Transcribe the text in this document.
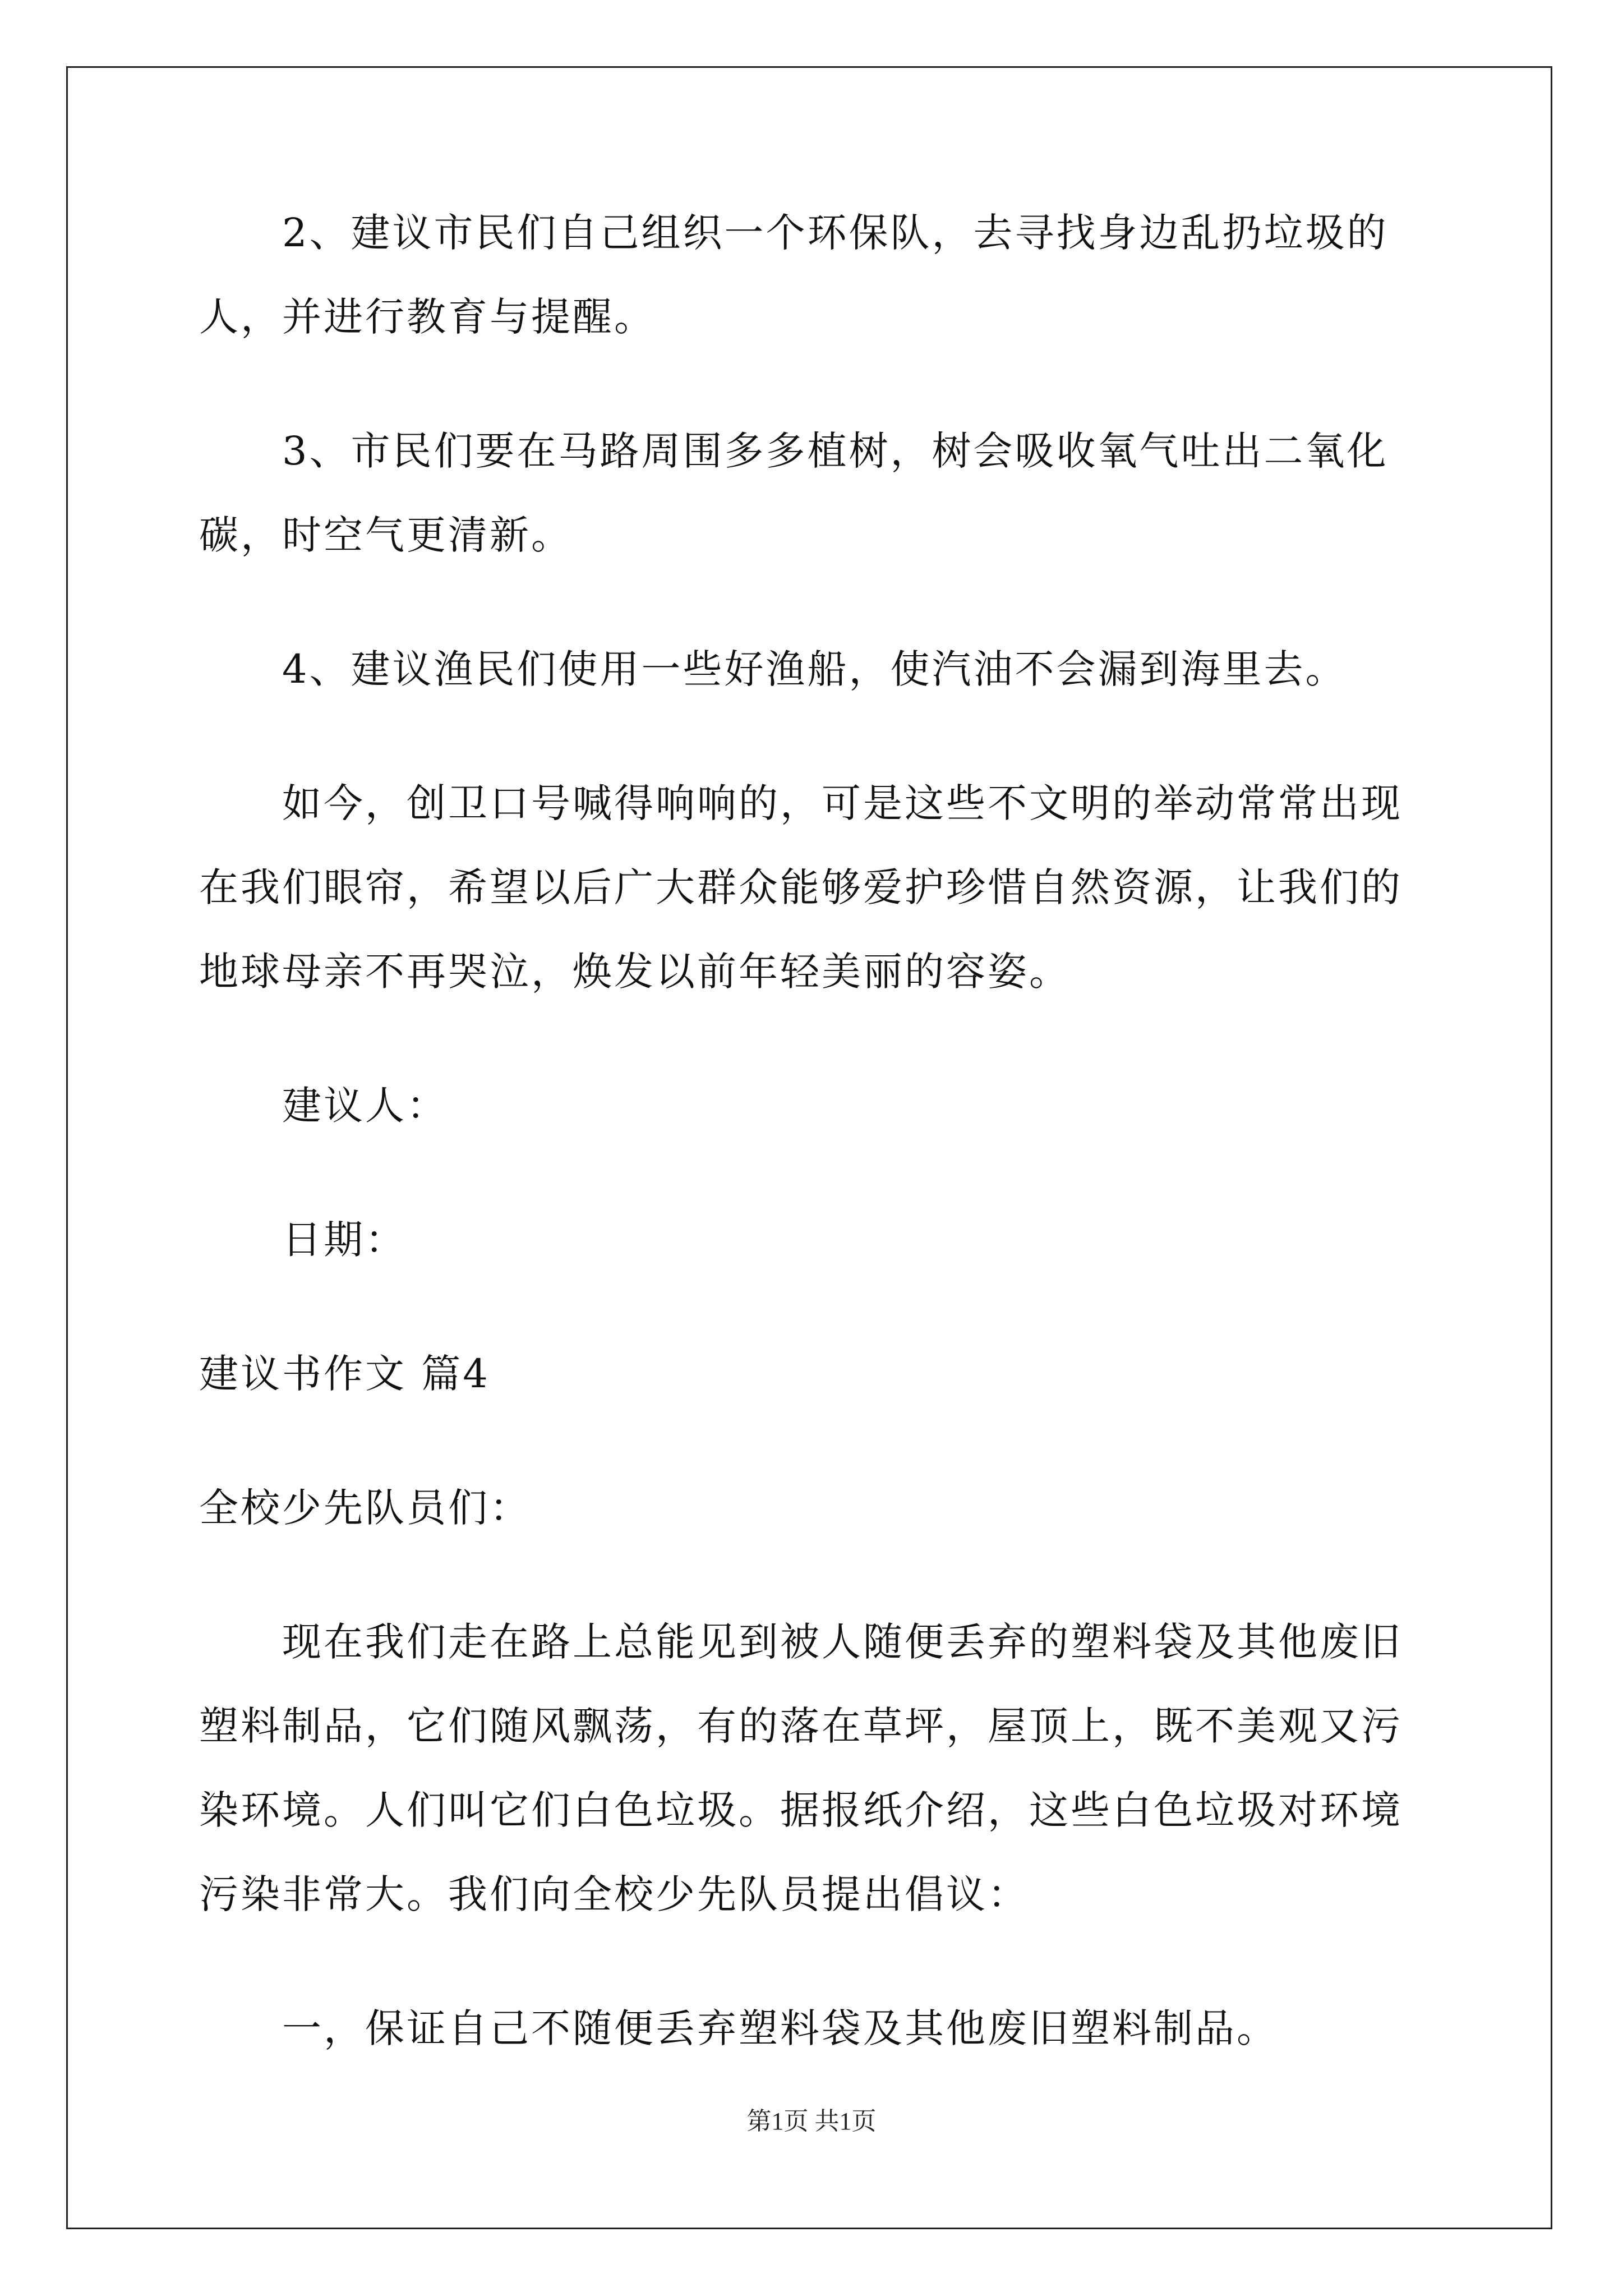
2、建议市民们自己组织一个环保队，去寻找身边乱扔垃圾的人，并进行教育与提醒。

3、市民们要在马路周围多多植树，树会吸收氧气吐出二氧化碳，时空气更清新。

4、建议渔民们使用一些好渔船，使汽油不会漏到海里去。

如今，创卫口号喊得响响的，可是这些不文明的举动常常出现在我们眼帘，希望以后广大群众能够爱护珍惜自然资源，让我们的地球母亲不再哭泣，焕发以前年轻美丽的容姿。

建议人：

日期：

建议书作文 篇4

全校少先队员们：

现在我们走在路上总能见到被人随便丢弃的塑料袋及其他废旧塑料制品，它们随风飘荡，有的落在草坪，屋顶上，既不美观又污染环境。人们叫它们白色垃圾。据报纸介绍，这些白色垃圾对环境污染非常大。我们向全校少先队员提出倡议：

一，保证自己不随便丢弃塑料袋及其他废旧塑料制品。

第1页 共1页
